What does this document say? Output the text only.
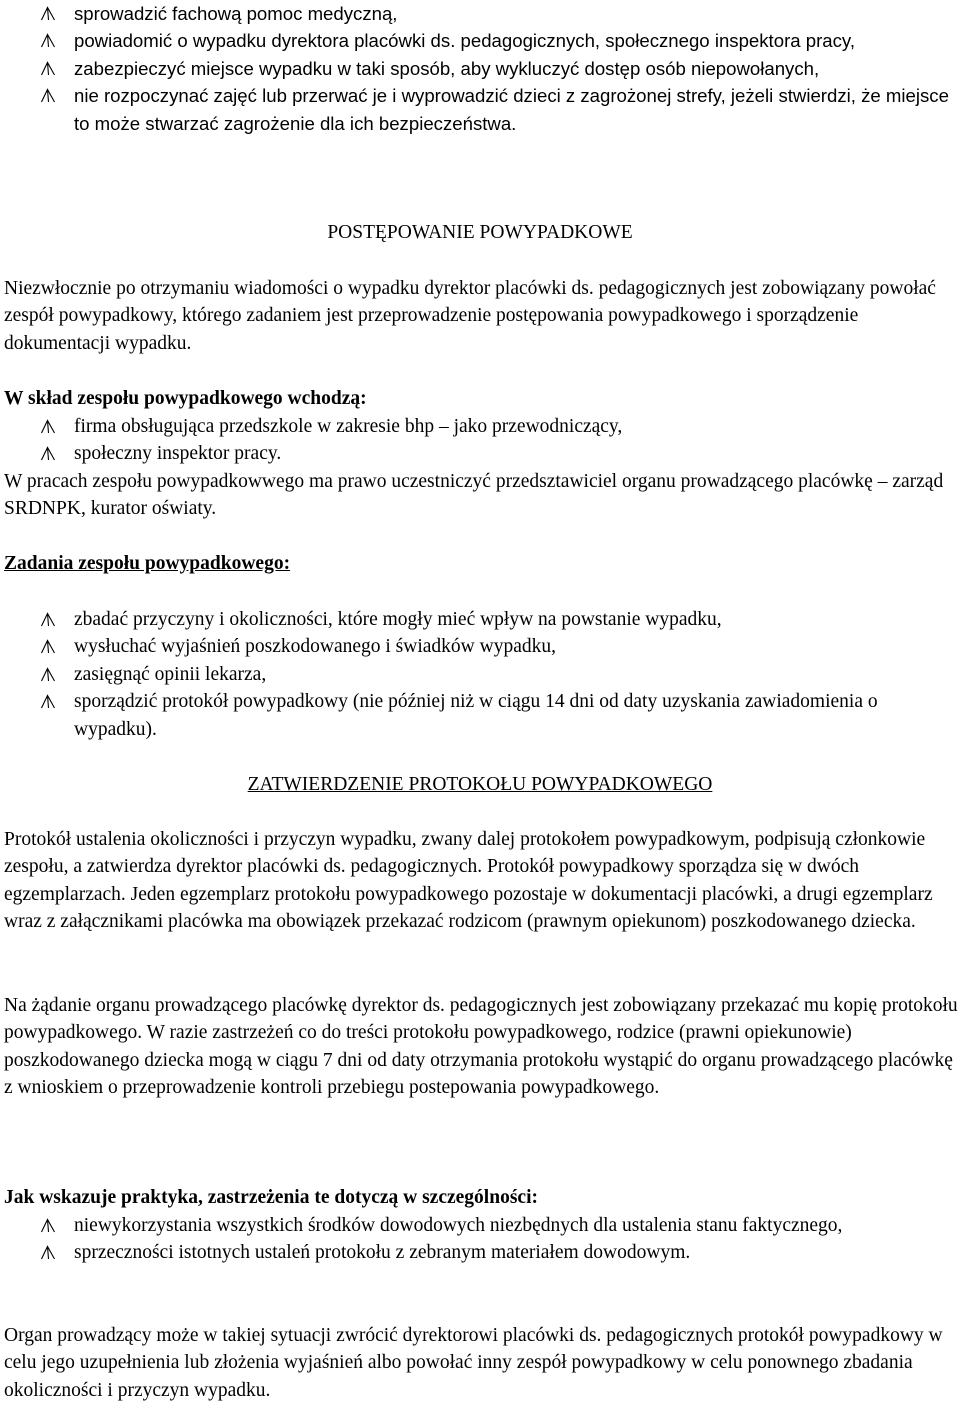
sprowadzić fachową pomoc medyczną,
powiadomić o wypadku dyrektora placówki ds. pedagogicznych, społecznego inspektora pracy,
zabezpieczyć miejsce wypadku w taki sposób, aby wykluczyć dostęp osób niepowołanych,
nie rozpoczynać zajęć lub przerwać je i wyprowadzić dzieci z zagrożonej strefy, jeżeli stwierdzi, że miejsce to może stwarzać zagrożenie dla ich bezpieczeństwa.
POSTĘPOWANIE POWYPADKOWE
Niezwłocznie po otrzymaniu wiadomości o wypadku dyrektor placówki ds. pedagogicznych jest zobowiązany powołać zespół powypadkowy, którego zadaniem jest przeprowadzenie postępowania powypadkowego i sporządzenie dokumentacji wypadku.
W skład zespołu powypadkowego wchodzą:
firma obsługująca przedszkole w zakresie bhp – jako przewodniczący,
społeczny inspektor pracy.
W pracach zespołu powypadkowwego ma prawo uczestniczyć przedsztawiciel organu prowadzącego placówkę – zarząd SRDNPK, kurator oświaty.
Zadania zespołu powypadkowego:
zbadać przyczyny i okoliczności, które mogły mieć wpływ na powstanie wypadku,
wysłuchać wyjaśnień poszkodowanego i świadków wypadku,
zasięgnąć opinii lekarza,
sporządzić protokół powypadkowy (nie później niż w ciągu 14 dni od daty uzyskania zawiadomienia o wypadku).
ZATWIERDZENIE PROTOKOŁU POWYPADKOWEGO
Protokół ustalenia okoliczności i przyczyn wypadku, zwany dalej protokołem powypadkowym, podpisują członkowie zespołu, a zatwierdza dyrektor placówki ds. pedagogicznych. Protokół powypadkowy sporządza się w dwóch egzemplarzach. Jeden egzemplarz protokołu powypadkowego pozostaje w dokumentacji placówki, a drugi egzemplarz wraz z załącznikami placówka ma obowiązek przekazać rodzicom (prawnym opiekunom) poszkodowanego dziecka.
Na żądanie organu prowadzącego placówkę dyrektor ds. pedagogicznych jest zobowiązany przekazać mu kopię protokołu powypadkowego. W razie zastrzeżeń co do treści protokołu powypadkowego, rodzice (prawni opiekunowie) poszkodowanego dziecka mogą w ciągu 7 dni od daty otrzymania protokołu wystąpić do organu prowadzącego placówkę z wnioskiem o przeprowadzenie kontroli przebiegu postepowania powypadkowego.
Jak wskazuje praktyka, zastrzeżenia te dotyczą w szczególności:
niewykorzystania wszystkich środków dowodowych niezbędnych dla ustalenia stanu faktycznego,
sprzeczności istotnych ustaleń protokołu z zebranym materiałem dowodowym.
Organ prowadzący może w takiej sytuacji zwrócić dyrektorowi placówki ds. pedagogicznych protokół powypadkowy w celu jego uzupełnienia lub złożenia wyjaśnień albo powołać inny zespół powypadkowy w celu ponownego zbadania okoliczności i przyczyn wypadku.
